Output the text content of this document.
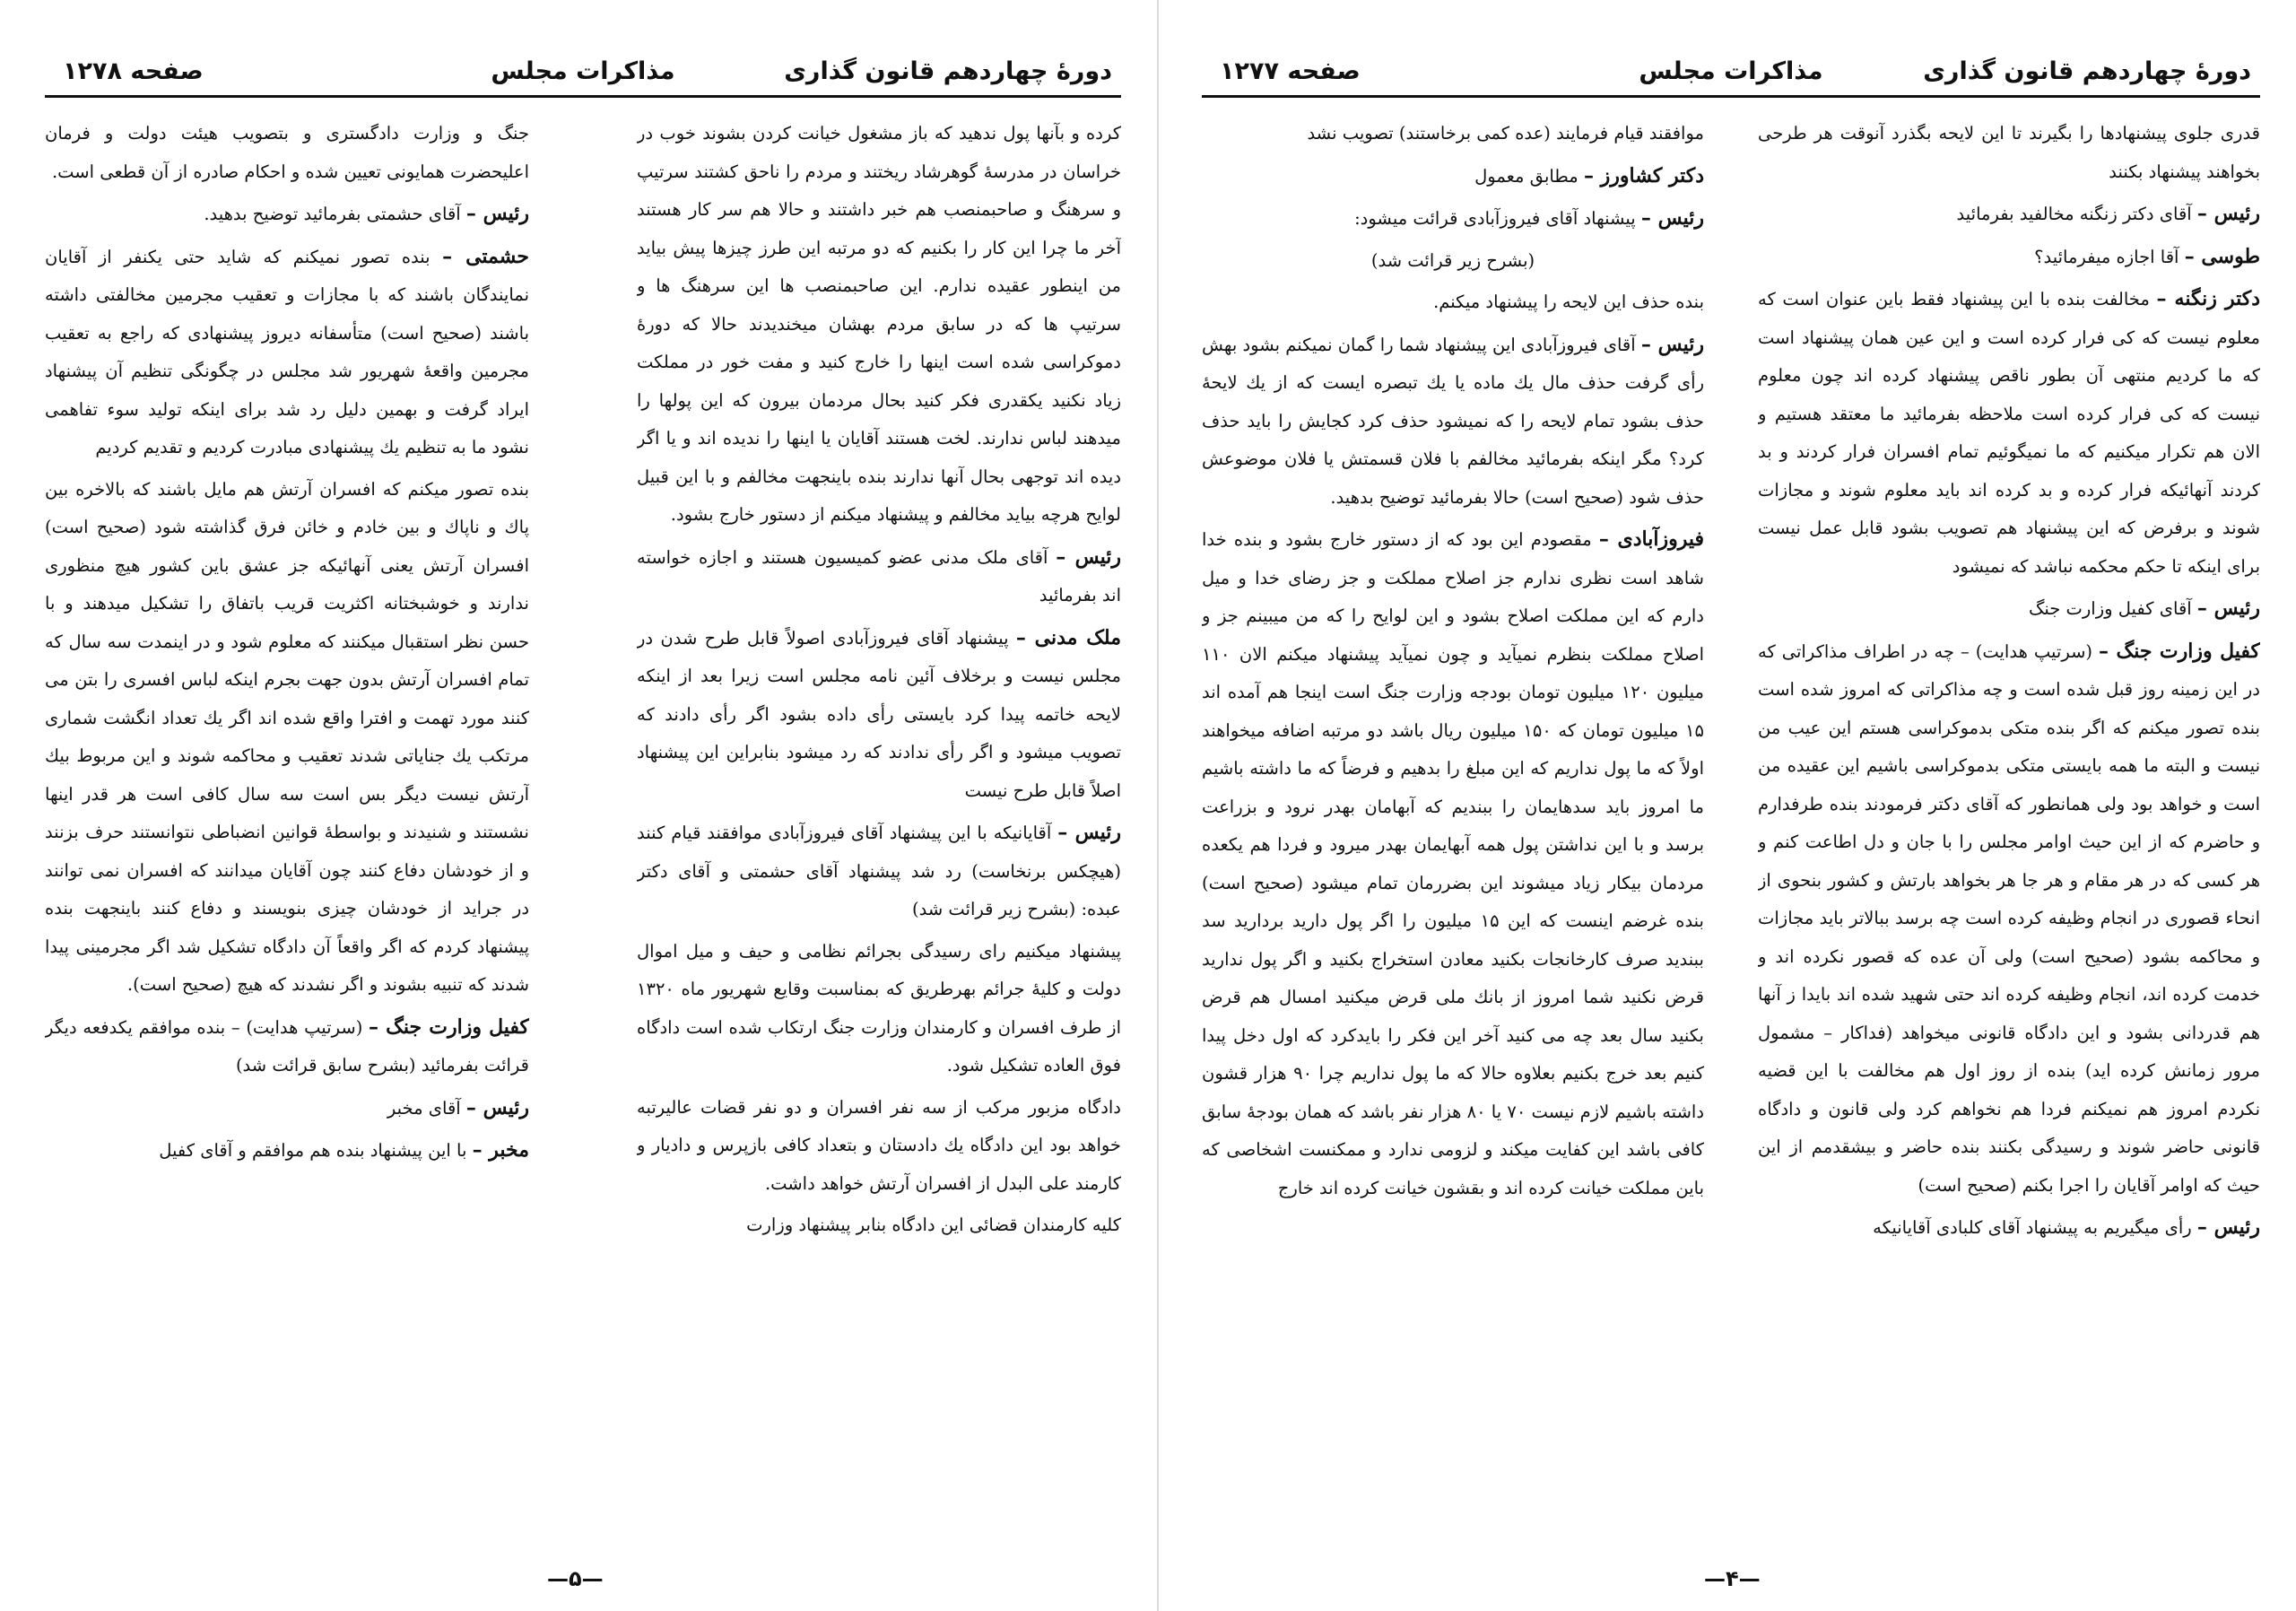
دورهٔ چهاردهم قانون گذاری
مذاکرات مجلس
صفحه ۱۲۷۸

کرده و بآنها پول ندهید که باز مشغول خیانت کردن بشوند خوب در خراسان در مدرسهٔ گوهرشاد ریختند و مردم را ناحق کشتند سرتیپ و سرهنگ و صاحبمنصب هم خبر داشتند و حالا هم سر کار هستند آخر ما چرا این کار را بکنیم که دو مرتبه این طرز چیزها پیش بیاید من اینطور عقیده ندارم. این صاحبمنصب ها این سرهنگ ها و سرتیپ ها که در سابق مردم بهشان میخندیدند حالا که دورهٔ دموکراسی شده است اینها را خارج کنید و مفت خور در مملکت زیاد نکنید یکقدری فکر کنید بحال مردمان بیرون که این پولها را میدهند لباس ندارند. لخت هستند آقایان یا اینها را ندیده اند و یا اگر دیده اند توجهی بحال آنها ندارند بنده باینجهت مخالفم و با این قبیل لوایح هرچه بیاید مخالفم و پیشنهاد میکنم از دستور خارج بشود.

رئیس – آقای ملک مدنی عضو کمیسیون هستند و اجازه خواسته اند بفرمائید

ملک مدنی – پیشنهاد آقای فیروزآبادی اصولاً قابل طرح شدن در مجلس نیست و برخلاف آئین نامه مجلس است زیرا بعد از اینکه لایحه خاتمه پیدا کرد بایستی رأی داده بشود اگر رأی دادند که تصویب میشود و اگر رأی ندادند که رد میشود بنابراین این پیشنهاد اصلاً قابل طرح نیست

رئیس – آقایانیکه با این پیشنهاد آقای فیروزآبادی موافقند قیام کنند (هیچکس برنخاست) رد شد پیشنهاد آقای حشمتی و آقای دکتر عبده: (بشرح زیر قرائت شد)

پیشنهاد میکنیم رای رسیدگی بجرائم نظامی و حیف و میل اموال دولت و کلیهٔ جرائم بهرطریق که بمناسبت وقایع شهریور ماه ۱۳۲۰ از طرف افسران و کارمندان وزارت جنگ ارتکاب شده است دادگاه فوق العاده تشکیل شود.

دادگاه مزبور مرکب از سه نفر افسران و دو نفر قضات عالیرتبه خواهد بود این دادگاه یك دادستان و بتعداد کافی بازپرس و دادیار و کارمند علی البدل از افسران آرتش خواهد داشت.

کلیه کارمندان قضائی این دادگاه بنابر پیشنهاد وزارت

جنگ و وزارت دادگستری و بتصویب هیئت دولت و فرمان اعلیحضرت همایونی تعیین شده و احکام صادره از آن قطعی است.

رئیس – آقای حشمتی بفرمائید توضیح بدهید.

حشمتی – بنده تصور نمیکنم که شاید حتی یکنفر از آقایان نمایندگان باشند که با مجازات و تعقیب مجرمین مخالفتی داشته باشند (صحیح است) متأسفانه دیروز پیشنهادی که راجع به تعقیب مجرمین واقعهٔ شهریور شد مجلس در چگونگی تنظیم آن پیشنهاد ایراد گرفت و بهمین دلیل رد شد برای اینکه تولید سوء تفاهمی نشود ما به تنظیم یك پیشنهادی مبادرت کردیم و تقدیم کردیم

بنده تصور میکنم که افسران آرتش هم مایل باشند که بالاخره بین پاك و ناپاك و بین خادم و خائن فرق گذاشته شود (صحیح است) افسران آرتش یعنی آنهائیکه جز عشق باین کشور هیچ منظوری ندارند و خوشبختانه اکثریت قریب باتفاق را تشکیل میدهند و با حسن نظر استقبال میکنند که معلوم شود و در اینمدت سه سال که تمام افسران آرتش بدون جهت بجرم اینکه لباس افسری را بتن می کنند مورد تهمت و افترا واقع شده اند اگر یك تعداد انگشت شماری مرتکب یك جنایاتی شدند تعقیب و محاکمه شوند و این مربوط بیك آرتش نیست دیگر بس است سه سال کافی است هر قدر اینها نشستند و شنیدند و بواسطهٔ قوانین انضباطی نتوانستند حرف بزنند و از خودشان دفاع کنند چون آقایان میدانند که افسران نمی توانند در جراید از خودشان چیزی بنویسند و دفاع کنند باینجهت بنده پیشنهاد کردم که اگر واقعاً آن دادگاه تشکیل شد اگر مجرمینی پیدا شدند که تنبیه بشوند و اگر نشدند که هیچ (صحیح است).

کفیل وزارت جنگ – (سرتیپ هدایت) – بنده موافقم یکدفعه دیگر قرائت بفرمائید (بشرح سابق قرائت شد)

رئیس – آقای مخبر

مخبر – با این پیشنهاد بنده هم موافقم و آقای کفیل

—۵—
دورهٔ چهاردهم قانون گذاری
مذاکرات مجلس
صفحه ۱۲۷۷

قدری جلوی پیشنهادها را بگیرند تا این لایحه بگذرد آنوقت هر طرحی بخواهند پیشنهاد بکنند

رئیس – آقای دکتر زنگنه مخالفید بفرمائید

طوسی – آقا اجازه میفرمائید؟

دکتر زنگنه – مخالفت بنده با این پیشنهاد فقط باین عنوان است که معلوم نیست که کی فرار کرده است و این عین همان پیشنهاد است که ما کردیم منتهی آن بطور ناقص پیشنهاد کرده اند چون معلوم نیست که کی فرار کرده است ملاحظه بفرمائید ما معتقد هستیم و الان هم تکرار میکنیم که ما نمیگوئیم تمام افسران فرار کردند و بد کردند آنهائیکه فرار کرده و بد کرده اند باید معلوم شوند و مجازات شوند و برفرض که این پیشنهاد هم تصویب بشود قابل عمل نیست برای اینکه تا حکم محکمه نباشد که نمیشود

رئیس – آقای کفیل وزارت جنگ

کفیل وزارت جنگ – (سرتیپ هدایت) – چه در اطراف مذاکراتی که در این زمینه روز قبل شده است و چه مذاکراتی که امروز شده است بنده تصور میکنم که اگر بنده متکی بدموکراسی هستم این عیب من نیست و البته ما همه بایستی متکی بدموکراسی باشیم این عقیده من است و خواهد بود ولی همانطور که آقای دکتر فرمودند بنده طرفدارم و حاضرم که از این حیث اوامر مجلس را با جان و دل اطاعت کنم و هر کسی که در هر مقام و هر جا هر بخواهد بارتش و کشور بنحوی از انحاء قصوری در انجام وظیفه کرده است چه برسد ببالاتر باید مجازات و محاکمه بشود (صحیح است) ولی آن عده که قصور نکرده اند و خدمت کرده اند، انجام وظیفه کرده اند حتی شهید شده اند بایدا ز آنها هم قدردانی بشود و این دادگاه قانونی میخواهد (فداکار – مشمول مرور زمانش کرده اید) بنده از روز اول هم مخالفت با این قضیه نکردم امروز هم نمیکنم فردا هم نخواهم کرد ولی قانون و دادگاه قانونی حاضر شوند و رسیدگی بکنند بنده حاضر و بیشقدمم از این حیث که اوامر آقایان را اجرا بکنم (صحیح است)

رئیس – رأی میگیریم به پیشنهاد آقای کلبادی آقایانیکه

موافقند قیام فرمایند (عده کمی برخاستند) تصویب نشد

دکتر کشاورز – مطابق معمول

رئیس – پیشنهاد آقای فیروزآبادی قرائت میشود:

(بشرح زیر قرائت شد)

بنده حذف این لایحه را پیشنهاد میکنم.

رئیس – آقای فیروزآبادی این پیشنهاد شما را گمان نمیکنم بشود بهش رأی گرفت حذف مال یك ماده یا یك تبصره ایست که از یك لایحهٔ حذف بشود تمام لایحه را که نمیشود حذف کرد کجایش را باید حذف کرد؟ مگر اینکه بفرمائید مخالفم با فلان قسمتش یا فلان موضوعش حذف شود (صحیح است) حالا بفرمائید توضیح بدهید.

فیروزآبادی – مقصودم این بود که از دستور خارج بشود و بنده خدا شاهد است نظری ندارم جز اصلاح مملکت و جز رضای خدا و میل دارم که این مملکت اصلاح بشود و این لوایح را که من میبینم جز و اصلاح مملکت بنظرم نمیآید و چون نمیآید پیشنهاد میکنم الان ۱۱۰ میلیون ۱۲۰ میلیون تومان بودجه وزارت جنگ است اینجا هم آمده اند ۱۵ میلیون تومان که ۱۵۰ میلیون ریال باشد دو مرتبه اضافه میخواهند اولاً که ما پول نداریم که این مبلغ را بدهیم و فرضاً که ما داشته باشیم ما امروز باید سدهایمان را ببندیم که آبهامان بهدر نرود و بزراعت برسد و با این نداشتن پول همه آبهایمان بهدر میرود و فردا هم یکعده مردمان بیکار زیاد میشوند این بضررمان تمام میشود (صحیح است) بنده غرضم اینست که این ۱۵ میلیون را اگر پول دارید بردارید سد ببندید صرف کارخانجات بکنید معادن استخراج بکنید و اگر پول ندارید قرض نکنید شما امروز از بانك ملی قرض میکنید امسال هم قرض بکنید سال بعد چه می کنید آخر این فکر را بایدکرد که اول دخل پیدا کنیم بعد خرج بکنیم بعلاوه حالا که ما پول نداریم چرا ۹۰ هزار قشون داشته باشیم لازم نیست ۷۰ یا ۸۰ هزار نفر باشد که همان بودجهٔ سابق کافی باشد این کفایت میکند و لزومی ندارد و ممکنست اشخاصی که باین مملکت خیانت کرده اند و بقشون خیانت کرده اند خارج

—۴—
